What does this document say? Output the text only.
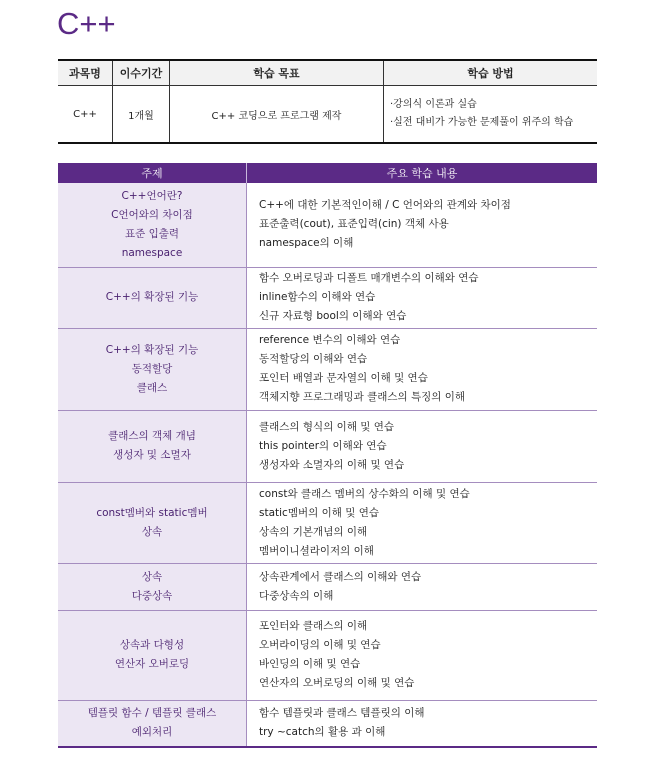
C++
과목명	이수기간	학습 목표	학습 방법
C++	1개월	C++ 코딩으로 프로그램 제작	·강의식 이론과 실습
·실전 대비가 가능한 문제풀이 위주의 학습
주제	주요 학습 내용

C++언어란?
C언어와의 차이점
표준 입출력
namespace	C++에 대한 기본적인이해 / C 언어와의 관계와 차이점
표준출력(cout), 표준입력(cin) 객체 사용
namespace의 이해

C++의 확장된 기능	함수 오버로딩과 디폴트 매개변수의 이해와 연습
inline함수의 이해와 연습
신규 자료형 bool의 이해와 연습

C++의 확장된 기능
동적할당
클래스	reference 변수의 이해와 연습
동적할당의 이해와 연습
포인터 배열과 문자열의 이해 및 연습
객체지향 프로그래밍과 클래스의 특징의 이해

클래스의 객체 개념
생성자 및 소멸자	클래스의 형식의 이해 및 연습
this pointer의 이해와 연습
생성자와 소멸자의 이해 및 연습

const멤버와 static멤버
상속	const와 클래스 멤버의 상수화의 이해 및 연습
static멤버의 이해 및 연습
상속의 기본개념의 이해
멤버이니셜라이저의 이해

상속
다중상속	상속관계에서 클래스의 이해와 연습
다중상속의 이해

상속과 다형성
연산자 오버로딩	포인터와 클래스의 이해
오버라이딩의 이해 및 연습
바인딩의 이해 및 연습
연산자의 오버로딩의 이해 및 연습

템플릿 함수 / 템플릿 클래스
예외처리	함수 템플릿과 클래스 템플릿의 이해
try ~catch의 활용 과 이해
